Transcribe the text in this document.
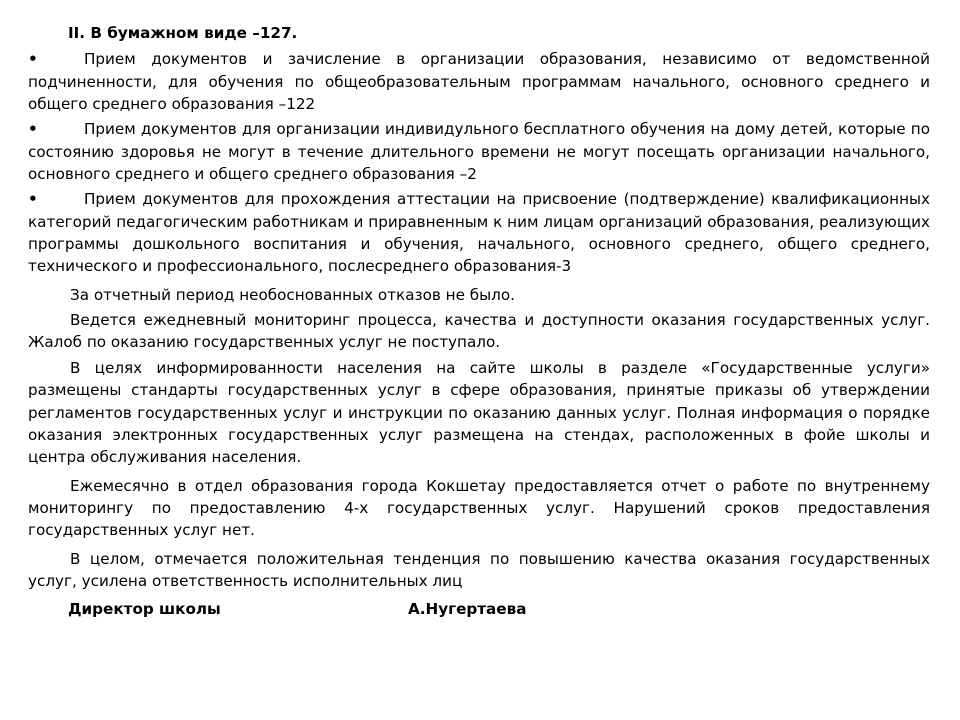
II. В бумажном виде –127.
•	Прием документов и зачисление в организации образования, независимо от ведомственной подчиненности, для обучения по общеобразовательным программам начального, основного среднего и общего среднего образования –122
•	Прием документов для организации индивидульного бесплатного обучения на дому детей, которые по состоянию здоровья не могут в течение длительного времени не могут посещать организации начального, основного среднего и общего среднего образования –2
•	Прием документов для прохождения аттестации на присвоение (подтверждение) квалификационных категорий педагогическим работникам и приравненным к ним лицам организаций образования, реализующих программы дошкольного воспитания и обучения, начального, основного среднего, общего среднего, технического и профессионального, послесреднего образования-3
За отчетный период необоснованных отказов не было.
Ведется ежедневный мониторинг процесса, качества и доступности оказания государственных услуг. Жалоб по оказанию государственных услуг не поступало.
В целях информированности населения на сайте школы в разделе «Государственные услуги» размещены стандарты государственных услуг в сфере образования, принятые приказы об утверждении регламентов государственных услуг и инструкции по оказанию данных услуг. Полная информация о порядке оказания электронных государственных услуг размещена на стендах, расположенных в фойе школы и центра обслуживания населения.
Ежемесячно в отдел образования города Кокшетау предоставляется отчет о работе по внутреннему мониторингу по предоставлению 4-х государственных услуг. Нарушений сроков предоставления государственных услуг нет.
В целом, отмечается положительная тенденция по повышению качества оказания государственных услуг, усилена ответственность исполнительных лиц
Директор школы	А.Нугертаева
